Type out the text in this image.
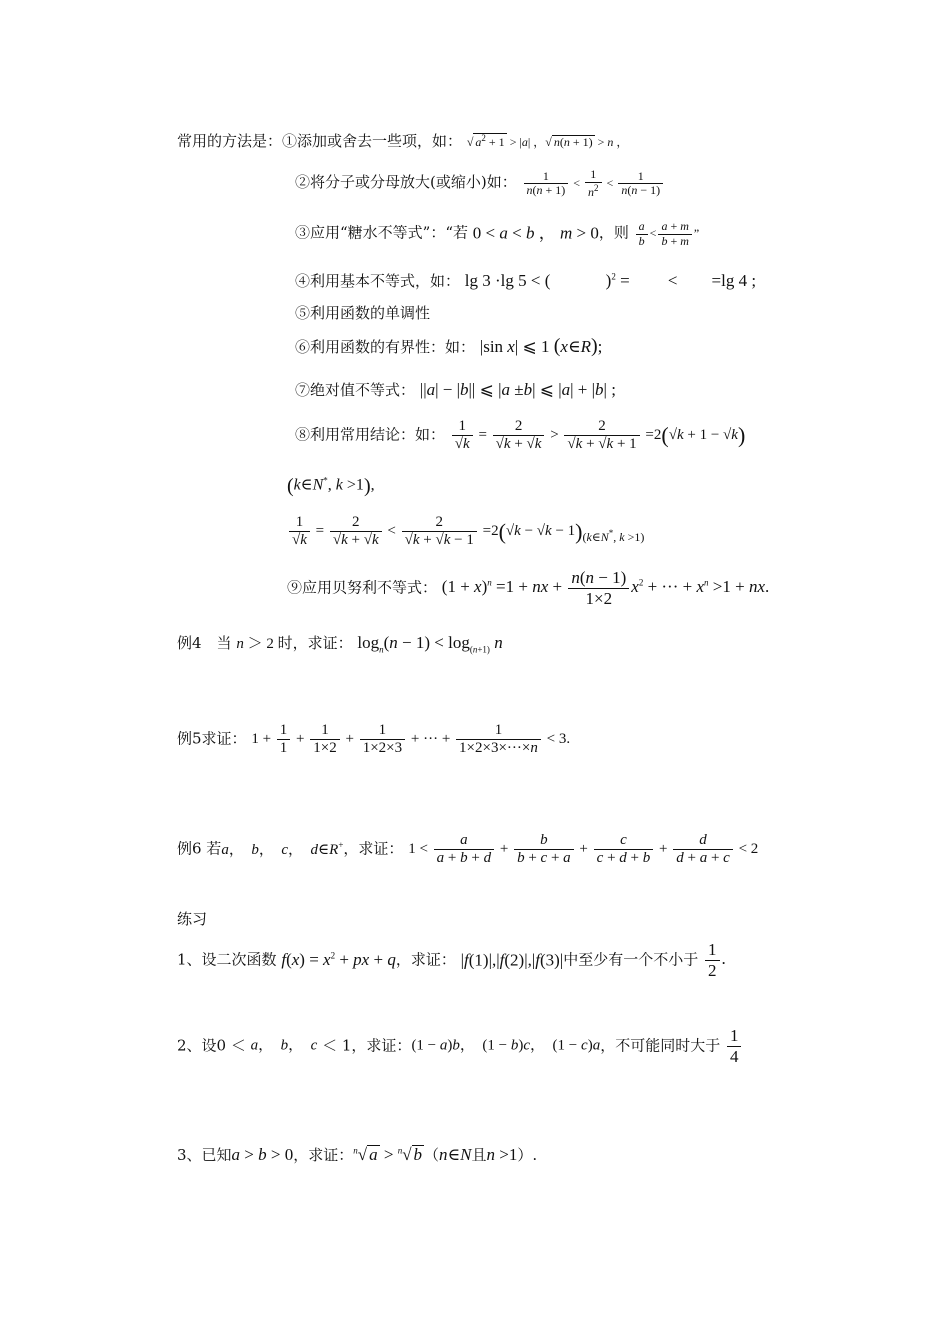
常用的方法是：①添加或舍去一些项，如： √ $a^2 + 1 > |a|$ ，√ n(n + 1) > n ，
②将分子或分母放大(或缩小)如： $\frac{1}{n(n + 1)} < \frac{1}{n^2} < \frac{1}{n(n - 1)}$
③应用“糖水不等式”：“若 0 < a < b ， m > 0，则 $\frac{a}{b} < \frac{a + m}{b + m}$ ”
④利用基本不等式，如： lg 3 ·lg 5 < (             )$^2$ =         <        =lg 4 ;
⑤利用函数的单调性
⑥利用函数的有界性：如： |sin x| ⩽ 1 (x∈R);
⑦绝对值不等式： ||a| − |b|| ⩽ |a ±b| ⩽ |a| + |b| ;
⑧利用常用结论：如： $\frac{1}{√k} = \frac{2}{√k + √k} > \frac{2}{√k + √k + 1} =2(√k + 1 - √k)$
(k∈N*, k >1),
$\frac{1}{√k} = \frac{2}{√k + √k} < \frac{2}{√k + √k - 1} =2(√k - √k - 1)_{(k\in N^*, k >1)}$
⑨应用贝努利不等式： $(1 + x)^n =1$ + nx + $\frac{n(n - 1)}{1\times 2} x^2$ + ··· + $x^n >1$ + nx.
例4　当 n ＞ 2 时，求证： $\log_n(n - 1) < \log_{(n+1)} n$
例5求证： $1 + \frac{1}{1} + \frac{1}{1\times 2} + \frac{1}{1\times 2\times 3}$ + ··· + $\frac{1}{1\times 2\times 3\times\cdot\cdot\cdot\times n} < 3$.
例6 若a，　b，　c，　d∈R+，求证： $1 < \frac{a}{a + b + d} + \frac{b}{b + c + a} + \frac{c}{c + d + b} + \frac{d}{d + a + c} < 2$
练习
1、设二次函数 $f(x) = x^2$ + px + q，求证： |f(1)|,|f(2)|,|f(3)|中至少有一个不小于 $\frac{1}{2}$ .
2、设0 ＜ a，　b，　c ＜ 1，求证：(1 − a)b，　(1 − b)c，　(1 − c)a，不可能同时大于 $\frac{1}{4}$
3、已知a > b > 0，求证：$^n$√ a > $^n$√ b （n∈N且n >1）.
